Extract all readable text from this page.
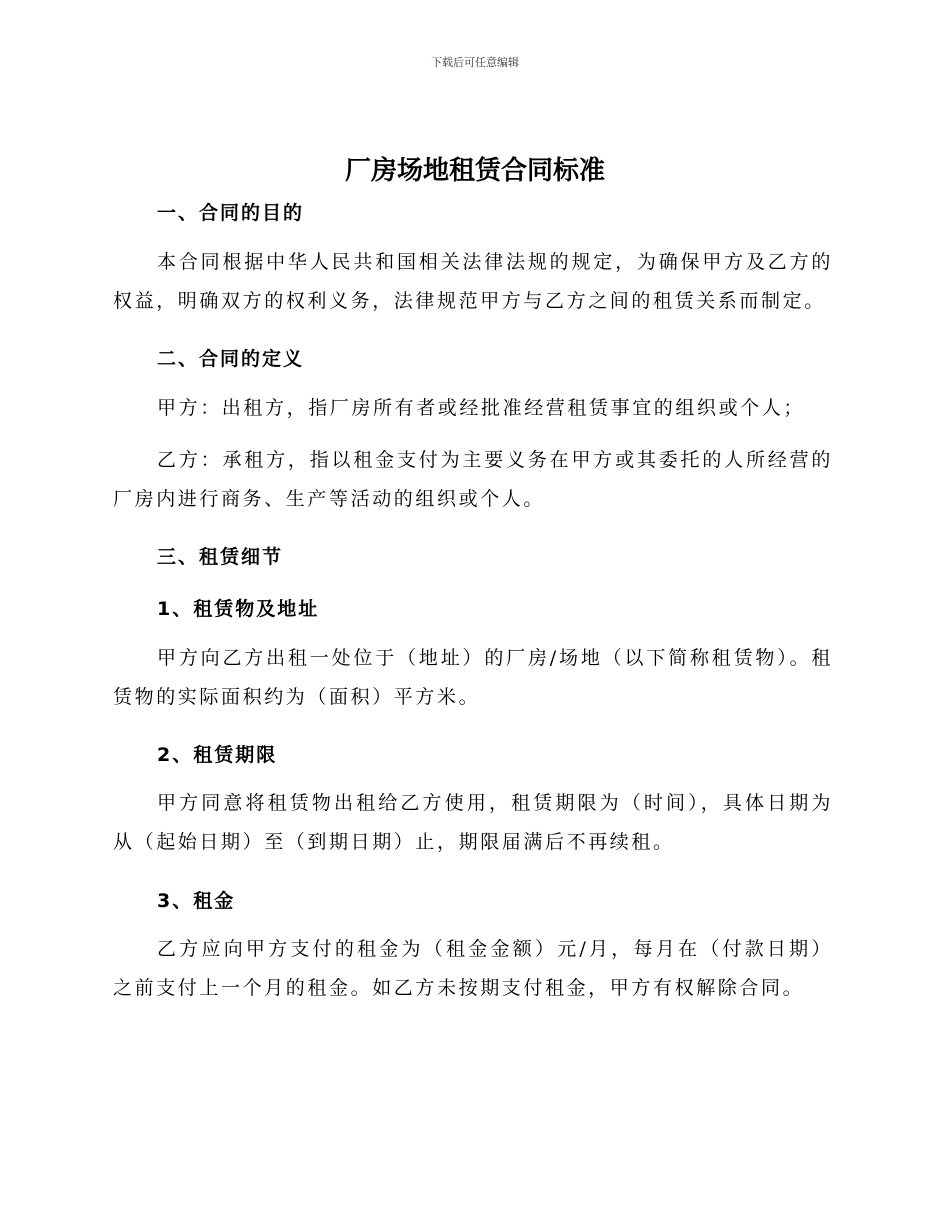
下载后可任意编辑
厂房场地租赁合同标准
一、合同的目的
本合同根据中华人民共和国相关法律法规的规定，为确保甲方及乙方的权益，明确双方的权利义务，法律规范甲方与乙方之间的租赁关系而制定。
二、合同的定义
甲方：出租方，指厂房所有者或经批准经营租赁事宜的组织或个人；
乙方：承租方，指以租金支付为主要义务在甲方或其委托的人所经营的厂房内进行商务、生产等活动的组织或个人。
三、租赁细节
1、租赁物及地址
甲方向乙方出租一处位于（地址）的厂房/场地（以下简称租赁物）。租赁物的实际面积约为（面积）平方米。
2、租赁期限
甲方同意将租赁物出租给乙方使用，租赁期限为（时间），具体日期为从（起始日期）至（到期日期）止，期限届满后不再续租。
3、租金
乙方应向甲方支付的租金为（租金金额）元/月，每月在（付款日期）之前支付上一个月的租金。如乙方未按期支付租金，甲方有权解除合同。
